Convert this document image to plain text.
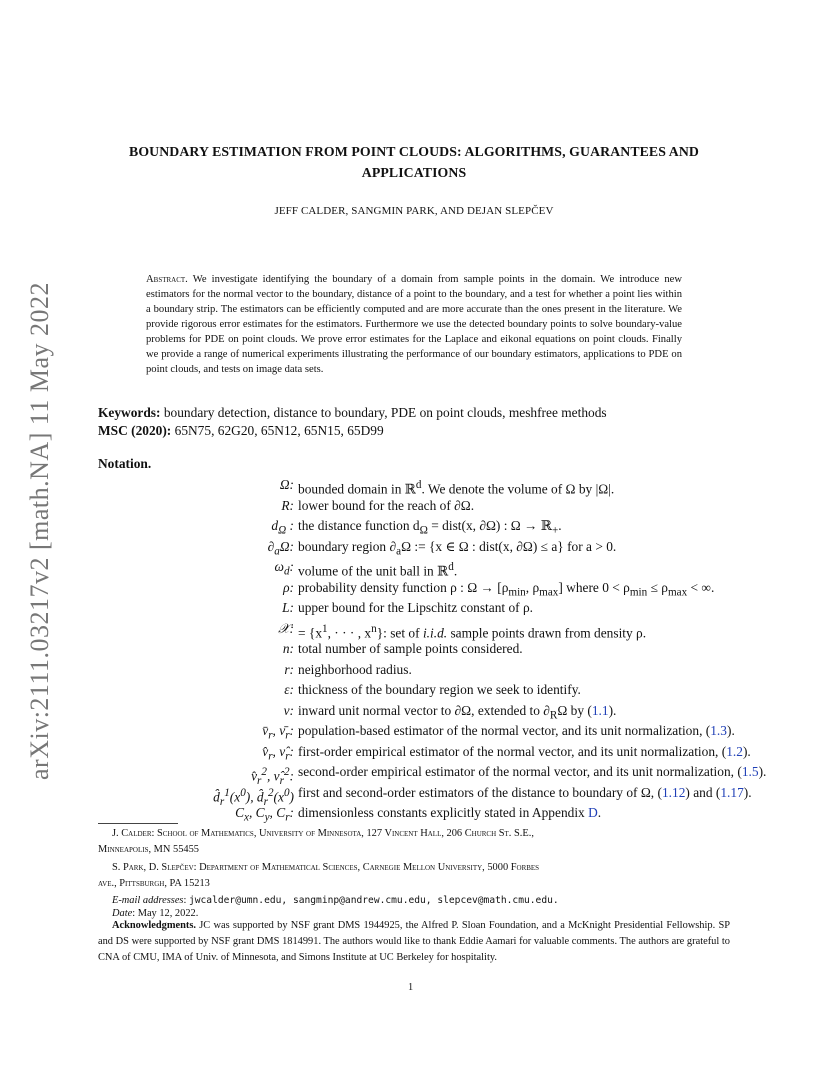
arXiv:2111.03217v2 [math.NA] 11 May 2022
BOUNDARY ESTIMATION FROM POINT CLOUDS: ALGORITHMS, GUARANTEES AND
APPLICATIONS
JEFF CALDER, SANGMIN PARK, AND DEJAN SLEPČEV
Abstract. We investigate identifying the boundary of a domain from sample points in the domain. We introduce new estimators for the normal vector to the boundary, distance of a point to the boundary, and a test for whether a point lies within a boundary strip. The estimators can be efficiently computed and are more accurate than the ones present in the literature. We provide rigorous error estimates for the estimators. Furthermore we use the detected boundary points to solve boundary-value problems for PDE on point clouds. We prove error estimates for the Laplace and eikonal equations on point clouds. Finally we provide a range of numerical experiments illustrating the performance of our boundary estimators, applications to PDE on point clouds, and tests on image data sets.
Keywords: boundary detection, distance to boundary, PDE on point clouds, meshfree methods
MSC (2020): 65N75, 62G20, 65N12, 65N15, 65D99
Notation.
Ω: bounded domain in ℝ$^d$. We denote the volume of Ω by |Ω|.
R: lower bound for the reach of ∂Ω.
$d_\Omega$ : the distance function $d_\Omega$ = dist(x, ∂Ω) : Ω → ℝ$_+$.
$\partial_a\Omega$: boundary region $\partial_a\Omega$ := {x ∈ Ω : dist(x, ∂Ω) ≤ a} for a > 0.
$\omega_d$: volume of the unit ball in ℝ$^d$.
ρ: probability density function ρ : $\Omega \to [\rho_{min}$, $\rho_{max}$] where $0 < \rho_{min} \le \rho_{max}$ < ∞.
L: upper bound for the Lipschitz constant of ρ.
𝒳: = {$x^1$, · · · , $x^n$}: set of i.i.d. sample points drawn from density ρ.
n: total number of sample points considered.
r: neighborhood radius.
ε: thickness of the boundary region we seek to identify.
ν: inward unit normal vector to ∂Ω, extended to $\partial_R\Omega$ by (1.1).
$v̄_r$, $\nū_r$: population-based estimator of the normal vector, and its unit normalization, (1.3).
$v̂_r$, $\nû_r$: first-order empirical estimator of the normal vector, and its unit normalization, (1.2).
$v̂_r^2$, $\nû_r^2$: second-order empirical estimator of the normal vector, and its unit normalization, (1.5).
$d̂_r^1(x^0)$, $d̂_r^2(x^0)$ first and second-order estimators of the distance to boundary of Ω, (1.12) and (1.17).
$C_x$, $C_y$, $C_r$: dimensionless constants explicitly stated in Appendix D.
J. Calder: School of Mathematics, University of Minnesota, 127 Vincent Hall, 206 Church St. S.E.,
Minneapolis, MN 55455
S. Park, D. Slepčev: Department of Mathematical Sciences, Carnegie Mellon University, 5000 Forbes
ave., Pittsburgh, PA 15213
E-mail addresses: jwcalder@umn.edu, sangminp@andrew.cmu.edu, slepcev@math.cmu.edu.
Date: May 12, 2022.
Acknowledgments. JC was supported by NSF grant DMS 1944925, the Alfred P. Sloan Foundation, and a McKnight Presidential Fellowship. SP and DS were supported by NSF grant DMS 1814991. The authors would like to thank Eddie Aamari for valuable comments. The authors are grateful to CNA of CMU, IMA of Univ. of Minnesota, and Simons Institute at UC Berkeley for hospitality.
1
